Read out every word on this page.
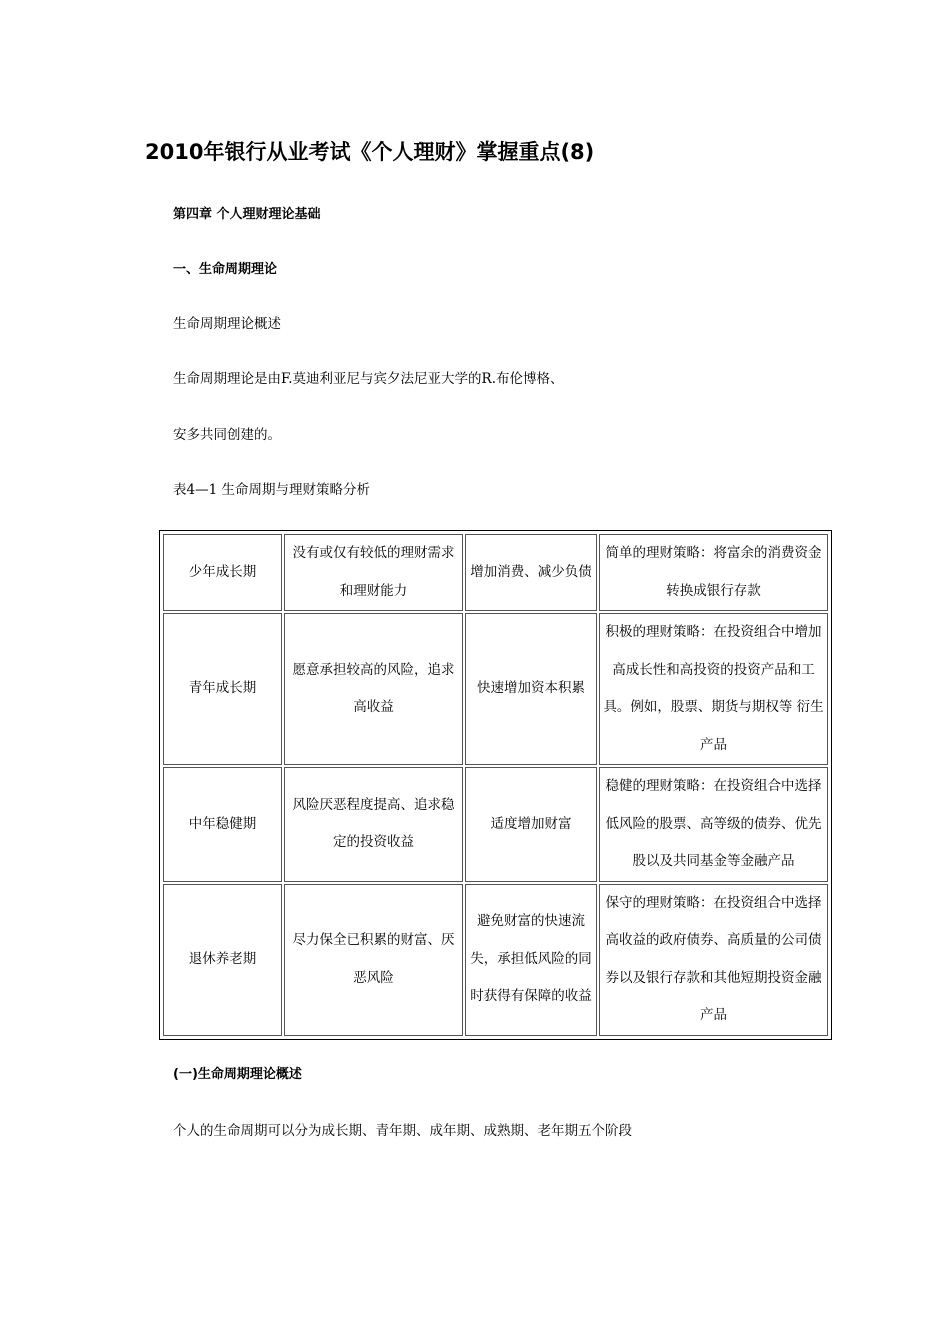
2010年银行从业考试《个人理财》掌握重点(8)
第四章 个人理财理论基础
一、生命周期理论
生命周期理论概述
生命周期理论是由F.莫迪利亚尼与宾夕法尼亚大学的R.布伦博格、
安多共同创建的。
表4—1 生命周期与理财策略分析
少年成长期	没有或仅有较低的理财需求和理财能力	增加消费、减少负债	简单的理财策略：将富余的消费资金转换成银行存款
青年成长期	愿意承担较高的风险，追求高收益	快速增加资本积累	积极的理财策略：在投资组合中增加高成长性和高投资的投资产品和工具。例如，股票、期货与期权等 衍生产品
中年稳健期	风险厌恶程度提高、追求稳定的投资收益	适度增加财富	稳健的理财策略：在投资组合中选择低风险的股票、高等级的债券、优先股以及共同基金等金融产品
退休养老期	尽力保全已积累的财富、厌恶风险	避免财富的快速流失，承担低风险的同时获得有保障的收益	保守的理财策略：在投资组合中选择高收益的政府债券、高质量的公司债券以及银行存款和其他短期投资金融产品
(一)生命周期理论概述
个人的生命周期可以分为成长期、青年期、成年期、成熟期、老年期五个阶段
